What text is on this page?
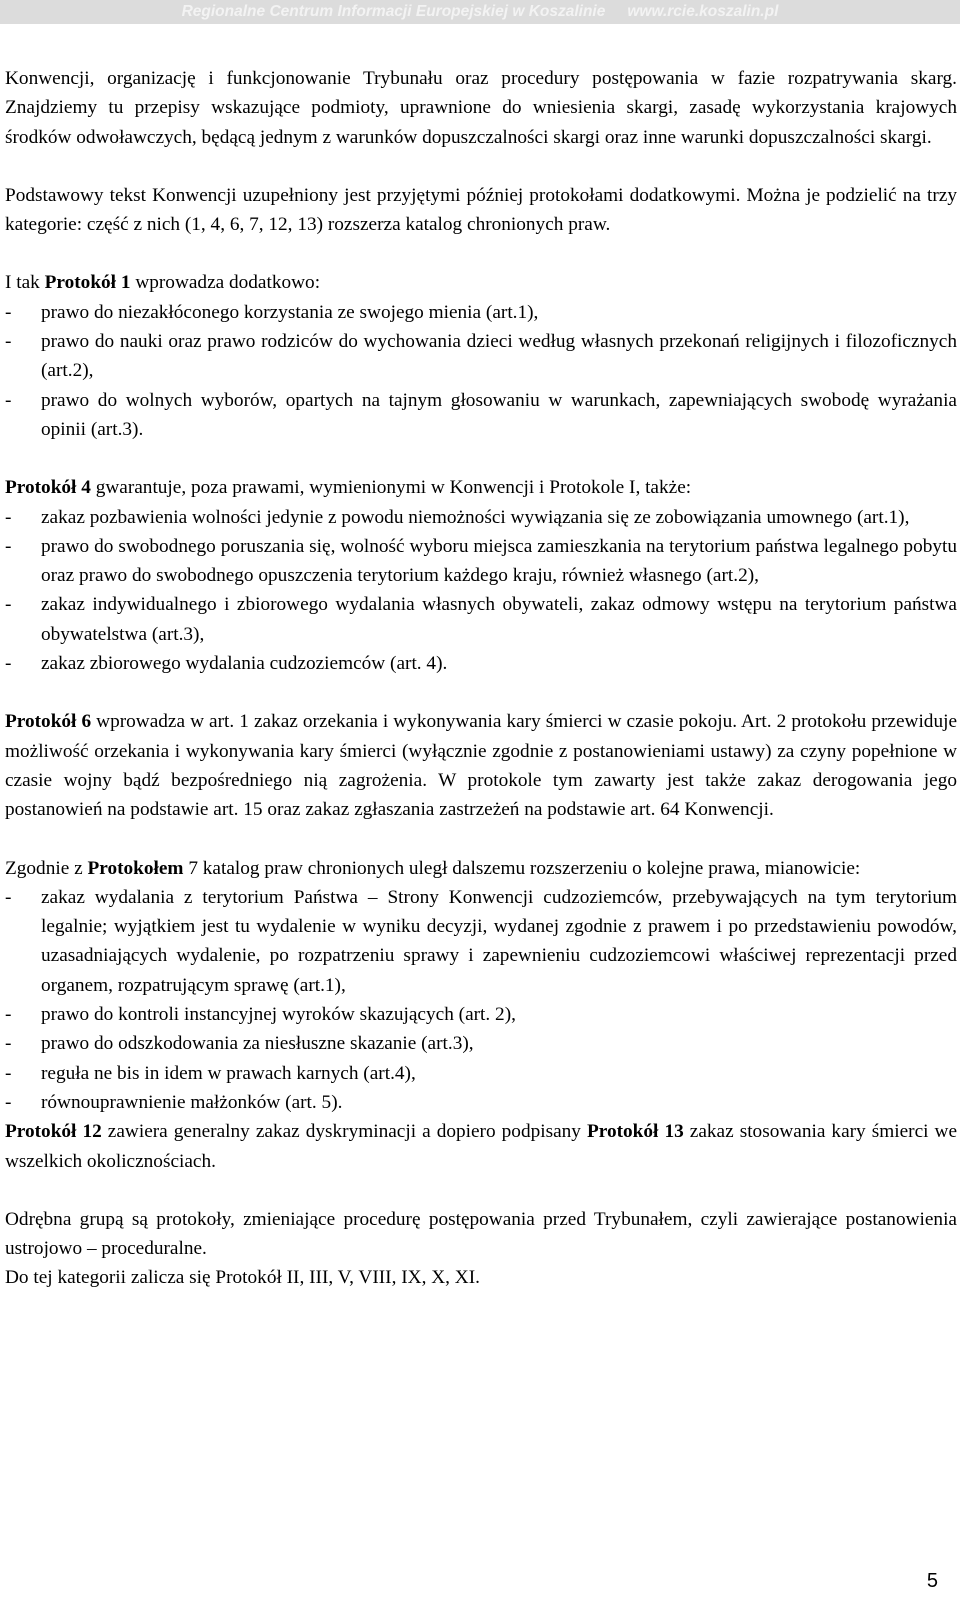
Regionalne Centrum Informacji Europejskiej w Koszalinie www.rcie.koszalin.pl

Konwencji, organizację i funkcjonowanie Trybunału oraz procedury postępowania w fazie rozpatrywania skarg. Znajdziemy tu przepisy wskazujące podmioty, uprawnione do wniesienia skargi, zasadę wykorzystania krajowych środków odwoławczych, będącą jednym z warunków dopuszczalności skargi oraz inne warunki dopuszczalności skargi.

Podstawowy tekst Konwencji uzupełniony jest przyjętymi później protokołami dodatkowymi. Można je podzielić na trzy kategorie: część z nich (1, 4, 6, 7, 12, 13) rozszerza katalog chronionych praw.

I tak Protokół 1 wprowadza dodatkowo:

- prawo do niezakłóconego korzystania ze swojego mienia (art.1),
- prawo do nauki oraz prawo rodziców do wychowania dzieci według własnych przekonań religijnych i filozoficznych (art.2),
- prawo do wolnych wyborów, opartych na tajnym głosowaniu w warunkach, zapewniających swobodę wyrażania opinii (art.3).

Protokół 4 gwarantuje, poza prawami, wymienionymi w Konwencji i Protokole I, także:

- zakaz pozbawienia wolności jedynie z powodu niemożności wywiązania się ze zobowiązania umownego (art.1),
- prawo do swobodnego poruszania się, wolność wyboru miejsca zamieszkania na terytorium państwa legalnego pobytu oraz prawo do swobodnego opuszczenia terytorium każdego kraju, również własnego (art.2),
- zakaz indywidualnego i zbiorowego wydalania własnych obywateli, zakaz odmowy wstępu na terytorium państwa obywatelstwa (art.3),
- zakaz zbiorowego wydalania cudzoziemców (art. 4).

Protokół 6 wprowadza w art. 1 zakaz orzekania i wykonywania kary śmierci w czasie pokoju. Art. 2 protokołu przewiduje możliwość orzekania i wykonywania kary śmierci (wyłącznie zgodnie z postanowieniami ustawy) za czyny popełnione w czasie wojny bądź bezpośredniego nią zagrożenia. W protokole tym zawarty jest także zakaz derogowania jego postanowień na podstawie art. 15 oraz zakaz zgłaszania zastrzeżeń na podstawie art. 64 Konwencji.

Zgodnie z Protokołem 7 katalog praw chronionych uległ dalszemu rozszerzeniu o kolejne prawa, mianowicie:

- zakaz wydalania z terytorium Państwa – Strony Konwencji cudzoziemców, przebywających na tym terytorium legalnie; wyjątkiem jest tu wydalenie w wyniku decyzji, wydanej zgodnie z prawem i po przedstawieniu powodów, uzasadniających wydalenie, po rozpatrzeniu sprawy i zapewnieniu cudzoziemcowi właściwej reprezentacji przed organem, rozpatrującym sprawę (art.1),
- prawo do kontroli instancyjnej wyroków skazujących (art. 2),
- prawo do odszkodowania za niesłuszne skazanie (art.3),
- reguła ne bis in idem w prawach karnych (art.4),
- równouprawnienie małżonków (art. 5).

Protokół 12 zawiera generalny zakaz dyskryminacji a dopiero podpisany Protokół 13 zakaz stosowania kary śmierci we wszelkich okolicznościach.

Odrębna grupą są protokoły, zmieniające procedurę postępowania przed Trybunałem, czyli zawierające postanowienia ustrojowo – proceduralne.

Do tej kategorii zalicza się Protokół II, III, V, VIII, IX, X, XI.

5
